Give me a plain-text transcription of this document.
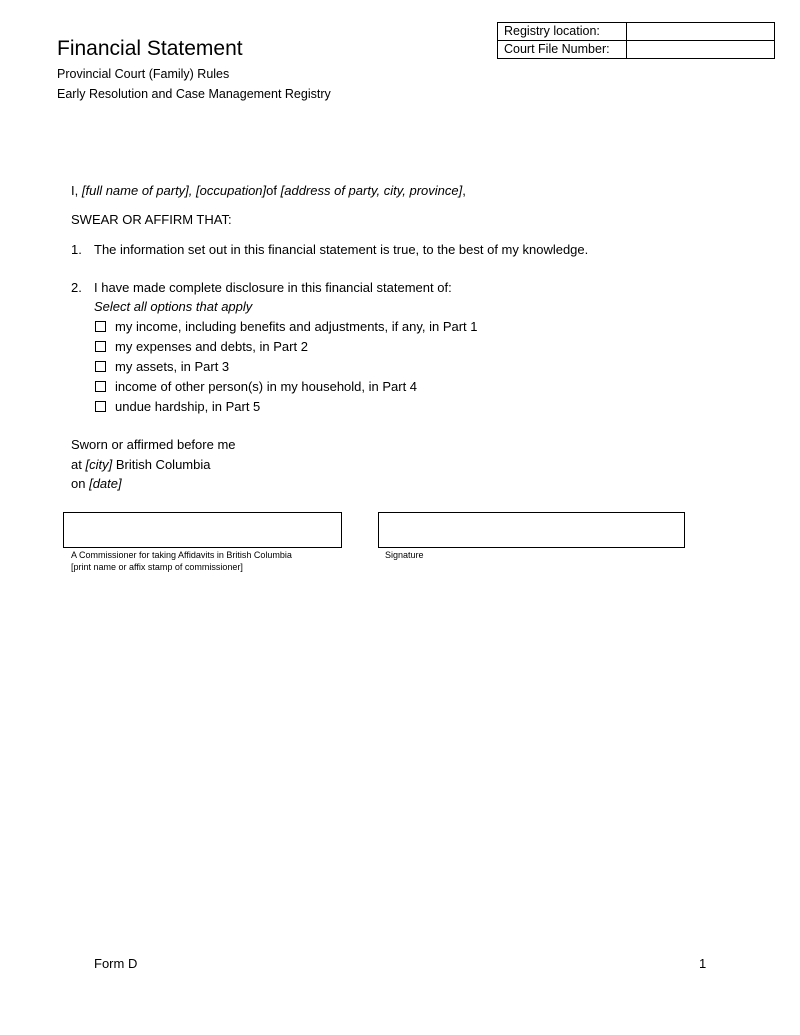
Financial Statement
Provincial Court (Family) Rules
Early Resolution and Case Management Registry
Registry location:	
Court File Number:	
I, [full name of party], [occupation]of [address of party, city, province],
SWEAR OR AFFIRM THAT:
1. The information set out in this financial statement is true, to the best of my knowledge.
2. I have made complete disclosure in this financial statement of:
Select all options that apply
my income, including benefits and adjustments, if any, in Part 1
my expenses and debts, in Part 2
my assets, in Part 3
income of other person(s) in my household, in Part 4
undue hardship, in Part 5
Sworn or affirmed before me
at [city] British Columbia
on [date]
A Commissioner for taking Affidavits in British Columbia
[print name or affix stamp of commissioner]
Signature
Form D	1
